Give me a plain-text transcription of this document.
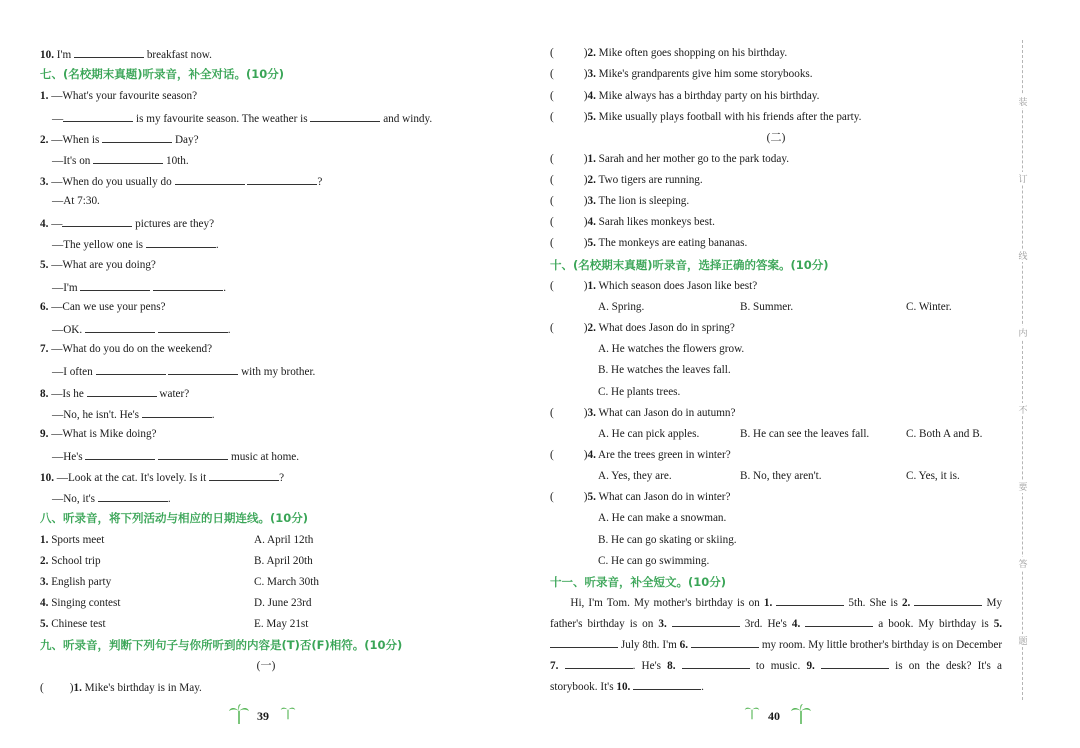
10. I'm	breakfast now.
七、(名校期末真题)听录音，补全对话。(10分)
1. —What's your favourite season?
—	is my favourite season. The weather is	and windy.
2. —When is	Day?
—It's on	10th.
3. —When do you usually do	?
—At 7:30.
4. —	pictures are they?
—The yellow one is	.
5. —What are you doing?
—I'm	.
6. —Can we use your pens?
—OK.	.
7. —What do you do on the weekend?
—I often	with my brother.
8. —Is he	water?
—No, he isn't. He's	.
9. —What is Mike doing?
—He's	music at home.
10. —Look at the cat. It's lovely. Is it	?
—No, it's	.
八、听录音，将下列活动与相应的日期连线。(10分)
1. Sports meet	A. April 12th
2. School trip	B. April 20th
3. English party	C. March 30th
4. Singing contest	D. June 23rd
5. Chinese test	E. May 21st
九、听录音，判断下列句子与你所听到的内容是(T)否(F)相符。(10分)
(一)
( )1. Mike's birthday is in May.
39
(	)2. Mike often goes shopping on his birthday.
(	)3. Mike's grandparents give him some storybooks.
(	)4. Mike always has a birthday party on his birthday.
(	)5. Mike usually plays football with his friends after the party.
(二)
(	)1. Sarah and her mother go to the park today.
(	)2. Two tigers are running.
(	)3. The lion is sleeping.
(	)4. Sarah likes monkeys best.
(	)5. The monkeys are eating bananas.
十、(名校期末真题)听录音，选择正确的答案。(10分)
(	)1. Which season does Jason like best?
A. Spring.	B. Summer.	C. Winter.
(	)2. What does Jason do in spring?
A. He watches the flowers grow.
B. He watches the leaves fall.
C. He plants trees.
(	)3. What can Jason do in autumn?
A. He can pick apples.	B. He can see the leaves fall.	C. Both A and B.
(	)4. Are the trees green in winter?
A. Yes, they are.	B. No, they aren't.	C. Yes, it is.
(	)5. What can Jason do in winter?
A. He can make a snowman.
B. He can go skating or skiing.
C. He can go swimming.
十一、听录音，补全短文。(10分)
Hi, I'm Tom. My mother's birthday is on 1.	5th. She is 2.	My father's birthday is on 3.	3rd. He's 4.	a book. My birthday is 5.  July 8th. I'm 6.	my room. My little brother's birthday is on December 7.	. He's 8.	to music. 9.	is on the desk? It's a storybook. It's 10.	.
40
装
订
线
内
不
要
答
题
